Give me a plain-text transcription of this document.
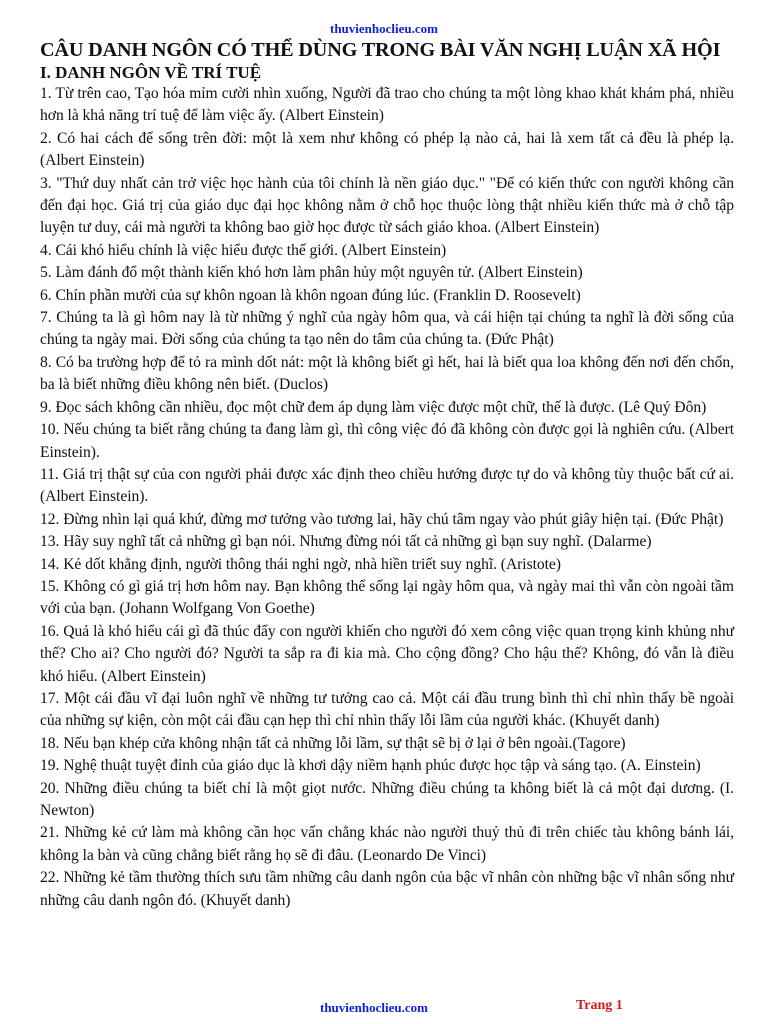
thuvienhoclieu.com
CÂU DANH NGÔN CÓ THỂ DÙNG TRONG BÀI VĂN NGHỊ LUẬN XÃ HỘI
I. DANH NGÔN VỀ TRÍ TUỆ
1. Từ trên cao, Tạo hóa mỉm cười nhìn xuống, Người đã trao cho chúng ta một lòng khao khát khám phá, nhiều hơn là khả năng trí tuệ để làm việc ấy. (Albert Einstein)
2. Có hai cách để sống trên đời: một là xem như không có phép lạ nào cả, hai là xem tất cả đều là phép lạ. (Albert Einstein)
3. "Thứ duy nhất cản trở việc học hành của tôi chính là nền giáo dục." "Để có kiến thức con người không cần đến đại học. Giá trị của giáo dục đại học không nằm ở chỗ học thuộc lòng thật nhiều kiến thức mà ở chỗ tập luyện tư duy, cái mà người ta không bao giờ học được từ sách giáo khoa. (Albert Einstein)
4. Cái khó hiểu chính là việc hiểu được thế giới. (Albert Einstein)
5. Làm đánh đổ một thành kiến khó hơn làm phân hủy một nguyên tử. (Albert Einstein)
6. Chín phần mười của sự khôn ngoan là khôn ngoan đúng lúc. (Franklin D. Roosevelt)
7. Chúng ta là gì hôm nay là từ những ý nghĩ của ngày hôm qua, và cái hiện tại chúng ta nghĩ là đời sống của chúng ta ngày mai. Đời sống của chúng ta tạo nên do tâm của chúng ta. (Đức Phật)
8. Có ba trường hợp để tỏ ra mình dốt nát: một là không biết gì hết, hai là biết qua loa không đến nơi đến chốn, ba là biết những điều không nên biết. (Duclos)
9. Đọc sách không cần nhiều, đọc một chữ đem áp dụng làm việc được một chữ, thế là được. (Lê Quý Đôn)
10. Nếu chúng ta biết rằng chúng ta đang làm gì, thì công việc đó đã không còn được gọi là nghiên cứu. (Albert Einstein).
11. Giá trị thật sự của con người phải được xác định theo chiều hướng được tự do và không tùy thuộc bất cứ ai. (Albert Einstein).
12. Đừng nhìn lại quá khứ, đừng mơ tưởng vào tương lai, hãy chú tâm ngay vào phút giây hiện tại. (Đức Phật)
13. Hãy suy nghĩ tất cả những gì bạn nói. Nhưng đừng nói tất cả những gì bạn suy nghĩ. (Dalarme)
14. Kẻ dốt khẳng định, người thông thái nghi ngờ, nhà hiền triết suy nghĩ. (Aristote)
15. Không có gì giá trị hơn hôm nay. Bạn không thể sống lại ngày hôm qua, và ngày mai thì vẫn còn ngoài tầm với của bạn. (Johann Wolfgang Von Goethe)
16. Quả là khó hiểu cái gì đã thúc đẩy con người khiến cho người đó xem công việc quan trọng kinh khủng như thế? Cho ai? Cho người đó? Người ta sắp ra đi kia mà. Cho cộng đồng? Cho hậu thế? Không, đó vẫn là điều khó hiểu. (Albert Einstein)
17. Một cái đầu vĩ đại luôn nghĩ về những tư tưởng cao cả. Một cái đầu trung bình thì chỉ nhìn thấy bề ngoài của những sự kiện, còn một cái đầu cạn hẹp thì chỉ nhìn thấy lỗi lầm của người khác. (Khuyết danh)
18. Nếu bạn khép cửa không nhận tất cả những lỗi lầm, sự thật sẽ bị ở lại ở bên ngoài.(Tagore)
19. Nghệ thuật tuyệt đỉnh của giáo dục là khơi dậy niềm hạnh phúc được học tập và sáng tạo. (A. Einstein)
20. Những điều chúng ta biết chỉ là một giọt nước. Những điều chúng ta không biết là cả một đại dương. (I. Newton)
21. Những kẻ cứ làm mà không cần học vấn chẳng khác nào người thuỷ thủ đi trên chiếc tàu không bánh lái, không la bàn và cũng chẳng biết rằng họ sẽ đi đâu. (Leonardo De Vinci)
22. Những kẻ tầm thường thích sưu tầm những câu danh ngôn của bậc vĩ nhân còn những bậc vĩ nhân sống như những câu danh ngôn đó. (Khuyết danh)
thuvienhoclieu.com	Trang 1
